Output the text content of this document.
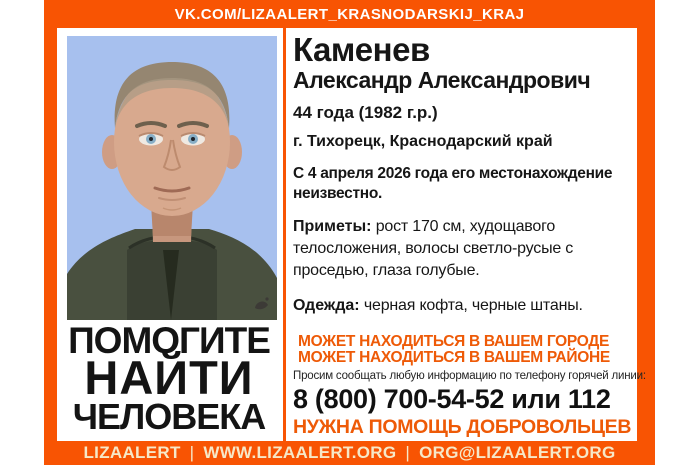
VK.COM/LIZAALERT_KRASNODARSKIJ_KRAJ
ПОМОГИТЕ
НАЙТИ
ЧЕЛОВЕКА
Каменев
Александр Александрович
44 года (1982 г.р.)
г. Тихорецк, Краснодарский край
С 4 апреля 2026 года его местонахождение неизвестно.
Приметы: рост 170 см, худощавого телосложения, волосы светло-русые с проседью, глаза голубые.
Одежда: черная кофта, черные штаны.
МОЖЕТ НАХОДИТЬСЯ В ВАШЕМ ГОРОДЕ
МОЖЕТ НАХОДИТЬСЯ В ВАШЕМ РАЙОНЕ
Просим сообщать любую информацию по телефону горячей линии:
8 (800) 700-54-52 или 112
НУЖНА ПОМОЩЬ ДОБРОВОЛЬЦЕВ
LIZAALERT | WWW.LIZAALERT.ORG | ORG@LIZAALERT.ORG
